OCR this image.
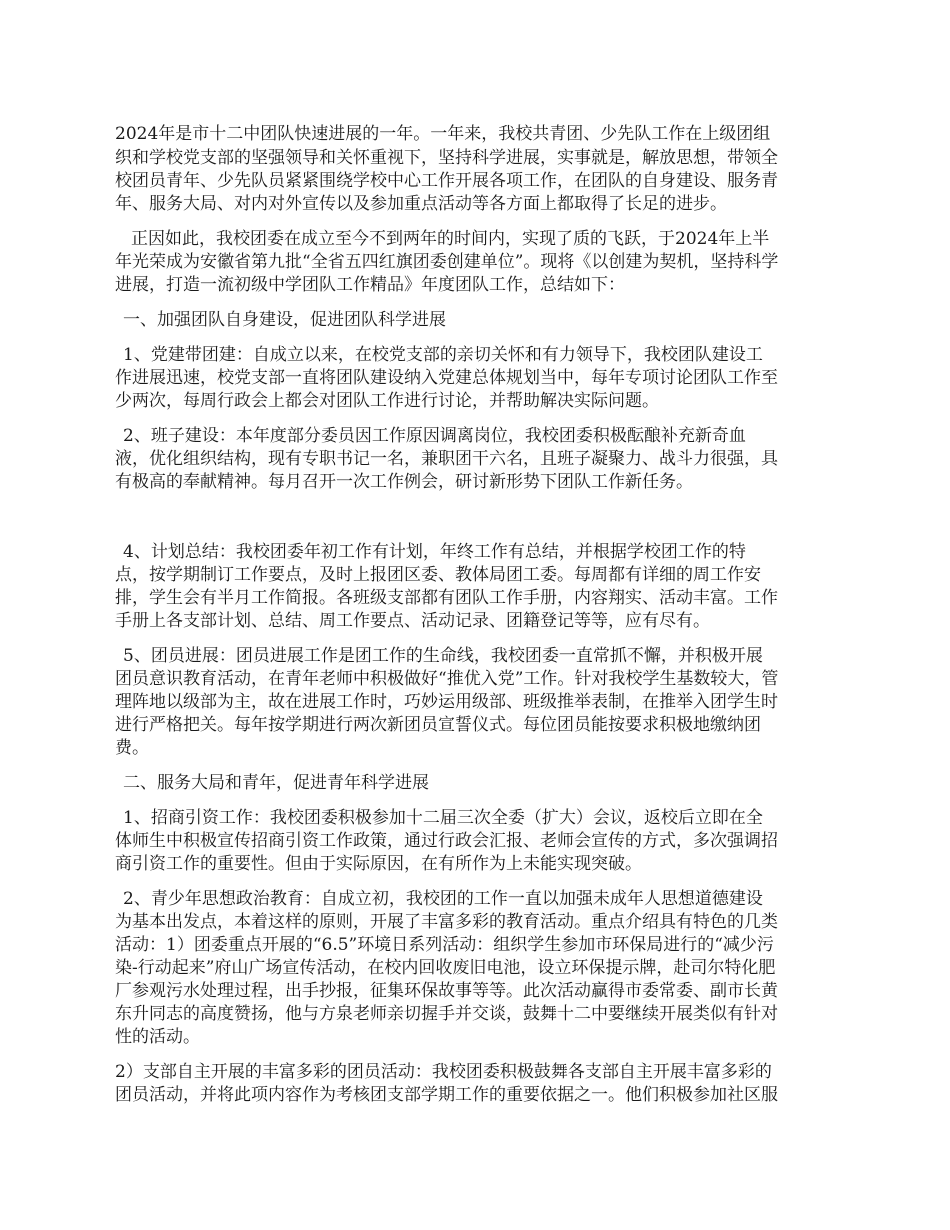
2024年是市十二中团队快速进展的一年。一年来，我校共青团、少先队工作在上级团组
织和学校党支部的坚强领导和关怀重视下，坚持科学进展，实事就是，解放思想，带领全
校团员青年、少先队员紧紧围绕学校中心工作开展各项工作，在团队的自身建设、服务青
年、服务大局、对内对外宣传以及参加重点活动等各方面上都取得了长足的进步。
正因如此，我校团委在成立至今不到两年的时间内，实现了质的飞跃，于2024年上半
年光荣成为安徽省第九批“全省五四红旗团委创建单位”。现将《以创建为契机，坚持科学
进展，打造一流初级中学团队工作精品》年度团队工作，总结如下：
一、加强团队自身建设，促进团队科学进展
1、党建带团建：自成立以来，在校党支部的亲切关怀和有力领导下，我校团队建设工
作进展迅速，校党支部一直将团队建设纳入党建总体规划当中，每年专项讨论团队工作至
少两次，每周行政会上都会对团队工作进行讨论，并帮助解决实际问题。
2、班子建设：本年度部分委员因工作原因调离岗位，我校团委积极酝酿补充新奇血
液，优化组织结构，现有专职书记一名，兼职团干六名，且班子凝聚力、战斗力很强，具
有极高的奉献精神。每月召开一次工作例会，研讨新形势下团队工作新任务。
4、计划总结：我校团委年初工作有计划，年终工作有总结，并根据学校团工作的特
点，按学期制订工作要点，及时上报团区委、教体局团工委。每周都有详细的周工作安
排，学生会有半月工作简报。各班级支部都有团队工作手册，内容翔实、活动丰富。工作
手册上各支部计划、总结、周工作要点、活动记录、团籍登记等等，应有尽有。
5、团员进展：团员进展工作是团工作的生命线，我校团委一直常抓不懈，并积极开展
团员意识教育活动，在青年老师中积极做好“推优入党”工作。针对我校学生基数较大，管
理阵地以级部为主，故在进展工作时，巧妙运用级部、班级推举表制，在推举入团学生时
进行严格把关。每年按学期进行两次新团员宣誓仪式。每位团员能按要求积极地缴纳团
费。
二、服务大局和青年，促进青年科学进展
1、招商引资工作：我校团委积极参加十二届三次全委（扩大）会议，返校后立即在全
体师生中积极宣传招商引资工作政策，通过行政会汇报、老师会宣传的方式，多次强调招
商引资工作的重要性。但由于实际原因，在有所作为上未能实现突破。
2、青少年思想政治教育：自成立初，我校团的工作一直以加强未成年人思想道德建设
为基本出发点，本着这样的原则，开展了丰富多彩的教育活动。重点介绍具有特色的几类
活动：1）团委重点开展的“6.5”环境日系列活动：组织学生参加市环保局进行的“减少污
染-行动起来”府山广场宣传活动，在校内回收废旧电池，设立环保提示牌，赴司尔特化肥
厂参观污水处理过程，出手抄报，征集环保故事等等。此次活动赢得市委常委、副市长黄
东升同志的高度赞扬，他与方泉老师亲切握手并交谈，鼓舞十二中要继续开展类似有针对
性的活动。
2）支部自主开展的丰富多彩的团员活动：我校团委积极鼓舞各支部自主开展丰富多彩的
团员活动，并将此项内容作为考核团支部学期工作的重要依据之一。他们积极参加社区服
